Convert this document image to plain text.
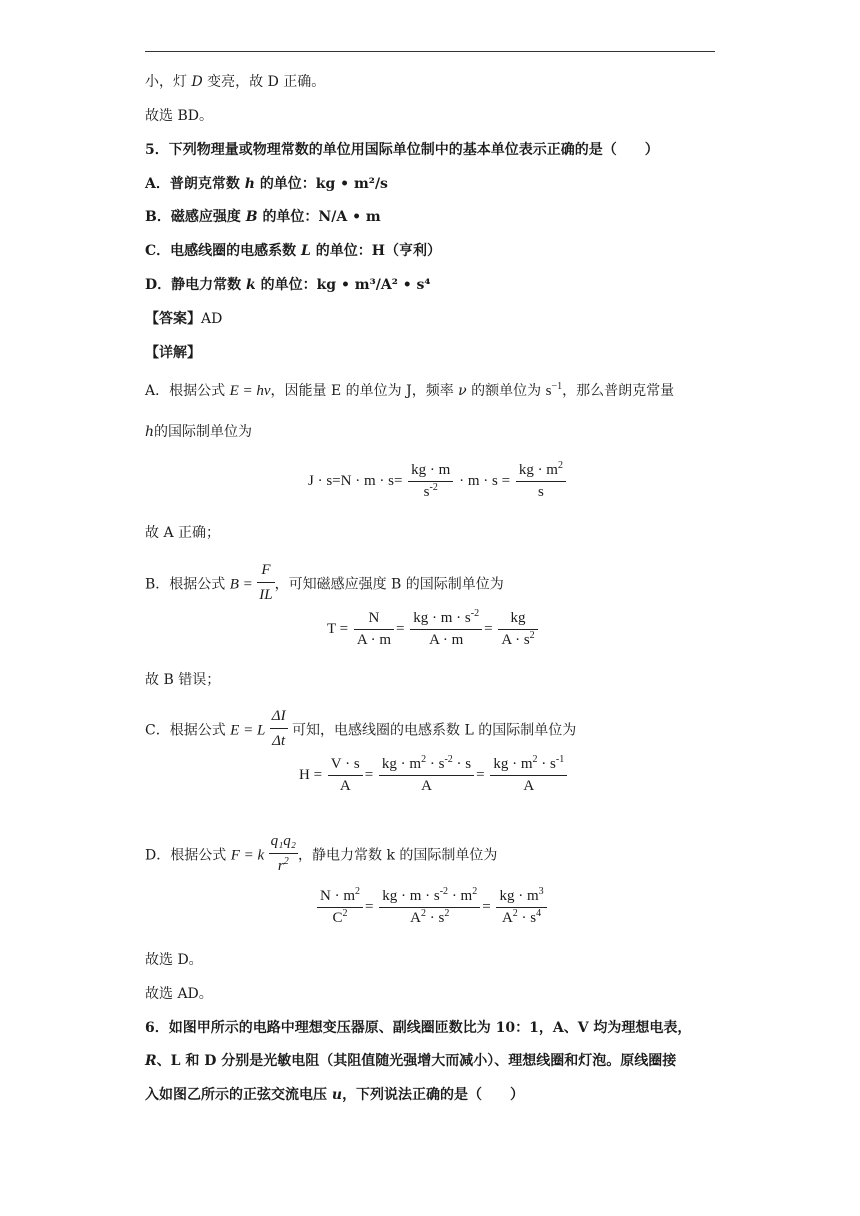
小，灯 D 变亮，故 D 正确。
故选 BD。
5．下列物理量或物理常数的单位用国际单位制中的基本单位表示正确的是（　　）
A．普朗克常数 h 的单位：kg • m²/s
B．磁感应强度 B 的单位：N/A • m
C．电感线圈的电感系数 L 的单位：H（亨利）
D．静电力常数 k 的单位：kg • m³/A² • s⁴
【答案】AD
【详解】
A．根据公式 E = hν，因能量 E 的单位为 J，频率 ν 的额单位为 $s^{-1}$，那么普朗克常量
h的国际制单位为
$J \cdot s=N \cdot m \cdot s= \frac{kg \cdot m}{s^{-2}} \cdot m \cdot s = \frac{kg \cdot m^2}{s}$
故 A 正确；
B．根据公式 $B = \frac{F}{IL}$ ，可知磁感应强度 B 的国际制单位为
$T = \frac{N}{A \cdot m} = \frac{kg \cdot m \cdot s^{-2}}{A \cdot m} = \frac{kg}{A \cdot s^2}$
故 B 错误；
C．根据公式 E = L $\frac{\Delta I}{\Delta t}$ 可知，电感线圈的电感系数 L 的国际制单位为
$H = \frac{V \cdot s}{A} = \frac{kg \cdot m^2 \cdot s^{-2} \cdot s}{A} = \frac{kg \cdot m^2 \cdot s^{-1}}{A}$
D．根据公式 F = k $\frac{\text{q₁q₂}}{r^2}$ ，静电力常数 k 的国际制单位为
$\frac{N \cdot m^2}{C^2} = \frac{kg \cdot m \cdot s^{-2} \cdot m^2}{A^2 \cdot s^2} = \frac{kg \cdot m^3}{A^2 \cdot s^4}$
故选 D。
故选 AD。
6．如图甲所示的电路中理想变压器原、副线圈匝数比为 10：1，A、V 均为理想电表，
R、L 和 D 分别是光敏电阻（其阻值随光强增大而减小）、理想线圈和灯泡。原线圈接
入如图乙所示的正弦交流电压 u，下列说法正确的是（　　）
